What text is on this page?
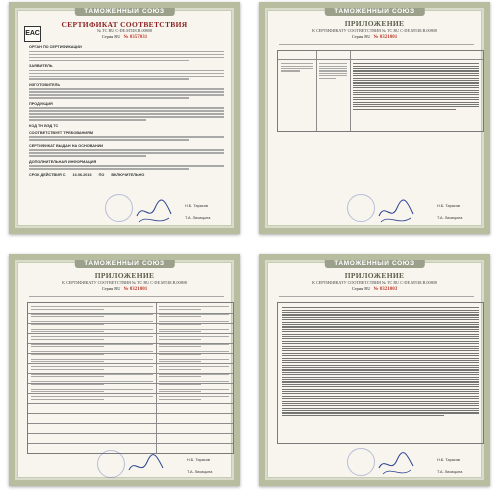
ТАМОЖЕННЫЙ СОЮЗ
ЕАС
СЕРТИФИКАТ СООТВЕТСТВИЯ
№ ТС RU C-DE.MT48.B.00808
Серия RU № 0357031
ОРГАН ПО СЕРТИФИКАЦИИ
ЗАЯВИТЕЛЬ
ИЗГОТОВИТЕЛЬ
ПРОДУКЦИЯ
КОД ТН ВЭД ТС
СООТВЕТСТВУЕТ ТРЕБОВАНИЯМ
СЕРТИФИКАТ ВЫДАН НА ОСНОВАНИИ
ДОПОЛНИТЕЛЬНАЯ ИНФОРМАЦИЯ
СРОК ДЕЙСТВИЯ С 16.06.2016 ПО ВКЛЮЧИТЕЛЬНО
Н.Б. Тарасов
Т.А. Лисицына
ТАМОЖЕННЫЙ СОЮЗ
ПРИЛОЖЕНИЕ
К СЕРТИФИКАТУ СООТВЕТСТВИЯ № ТС RU C-DE.MT48.B.00808
Серия RU № 0321001
Н.Б. Тарасов
Т.А. Лисицына
ТАМОЖЕННЫЙ СОЮЗ
ПРИЛОЖЕНИЕ
К СЕРТИФИКАТУ СООТВЕТСТВИЯ № ТС RU C-DE.MT48.B.00808
Серия RU № 0321001
Н.Б. Тарасов
Т.А. Лисицына
ТАМОЖЕННЫЙ СОЮЗ
ПРИЛОЖЕНИЕ
К СЕРТИФИКАТУ СООТВЕТСТВИЯ № ТС RU C-DE.MT48.B.00808
Серия RU № 0321003
Н.Б. Тарасов
Т.А. Лисицына
